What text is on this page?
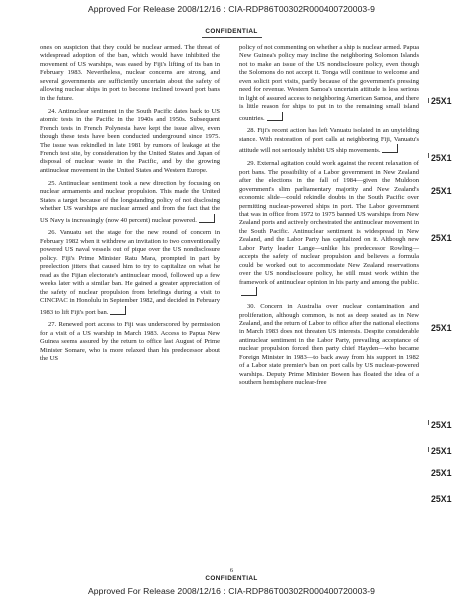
Approved For Release 2008/12/16 : CIA-RDP86T00302R000400720003-9
CONFIDENTIAL

ones on suspicion that they could be nuclear armed. The threat of widespread adoption of the ban, which would have inhibited the movement of US warships, was eased by Fiji's lifting of its ban in February 1983. Nevertheless, nuclear concerns are strong, and several governments are sufficiently uncertain about the safety of allowing nuclear ships in port to become inclined toward port bans in the future.

24. Antinuclear sentiment in the South Pacific dates back to US atomic tests in the Pacific in the 1940s and 1950s. Subsequent French tests in French Polynesia have kept the issue alive, even though these tests have been conducted underground since 1975. The issue was rekindled in late 1981 by rumors of leakage at the French test site, by consideration by the United States and Japan of disposal of nuclear waste in the Pacific, and by the growing antinuclear movement in the United States and Western Europe.

25. Antinuclear sentiment took a new direction by focusing on nuclear armaments and nuclear propulsion. This made the United States a target because of the longstanding policy of not disclosing whether US warships are nuclear armed and from the fact that the US Navy is increasingly (now 40 percent) nuclear powered.

26. Vanuatu set the stage for the new round of concern in February 1982 when it withdrew an invitation to two conventionally powered US naval vessels out of pique over the US nondisclosure policy. Fiji's Prime Minister Ratu Mara, prompted in part by preelection jitters that caused him to try to capitalize on what he read as the Fijian electorate's antinuclear mood, followed up a few weeks later with a similar ban. He gained a greater appreciation of the safety of nuclear propulsion from briefings during a visit to CINCPAC in Honolulu in September 1982, and decided in February 1983 to lift Fiji's port ban.

27. Renewed port access to Fiji was underscored by permission for a visit of a US warship in March 1983. Access to Papua New Guinea seems assured by the return to office last August of Prime Minister Somare, who is more relaxed than his predecessor about the US

policy of not commenting on whether a ship is nuclear armed. Papua New Guinea's policy may incline the neighboring Solomon Islands not to make an issue of the US nondisclosure policy, even though the Solomons do not accept it. Tonga will continue to welcome and even solicit port visits, partly because of the government's pressing need for revenue. Western Samoa's uncertain attitude is less serious in light of assured access to neighboring American Samoa, and there is little reason for ships to put in to the remaining small island countries.

28. Fiji's recent action has left Vanuatu isolated in an unyielding stance. With restoration of port calls at neighboring Fiji, Vanuatu's attitude will not seriously inhibit US ship movements.

29. External agitation could work against the recent relaxation of port bans. The possibility of a Labor government in New Zealand after the elections in the fall of 1984—given the Muldoon government's slim parliamentary majority and New Zealand's economic slide—could rekindle doubts in the South Pacific over permitting nuclear-powered ships in port. The Labor government that was in office from 1972 to 1975 banned US warships from New Zealand ports and actively orchestrated the antinuclear movement in the South Pacific. Antinuclear sentiment is widespread in New Zealand, and the Labor Party has capitalized on it. Although new Labor Party leader Lange—unlike his predecessor Rowling—accepts the safety of nuclear propulsion and believes a formula could be worked out to accommodate New Zealand reservations over the US nondisclosure policy, he still must work within the framework of antinuclear opinion in his party and among the public.

30. Concern in Australia over nuclear contamination and proliferation, although common, is not as deep seated as in New Zealand, and the return of Labor to office after the national elections in March 1983 does not threaten US interests. Despite considerable antinuclear sentiment in the Labor Party, prevailing acceptance of nuclear propulsion forced then party chief Hayden—who became Foreign Minister in 1983—to back away from his support in 1982 of a Labor state premier's ban on port calls by US nuclear-powered warships. Deputy Prime Minister Bowen has floated the idea of a southern hemisphere nuclear-free

25X1
25X1
25X1
25X1
25X1
25X1
25X1
25X1
25X1
6
CONFIDENTIAL
Approved For Release 2008/12/16 : CIA-RDP86T00302R000400720003-9
